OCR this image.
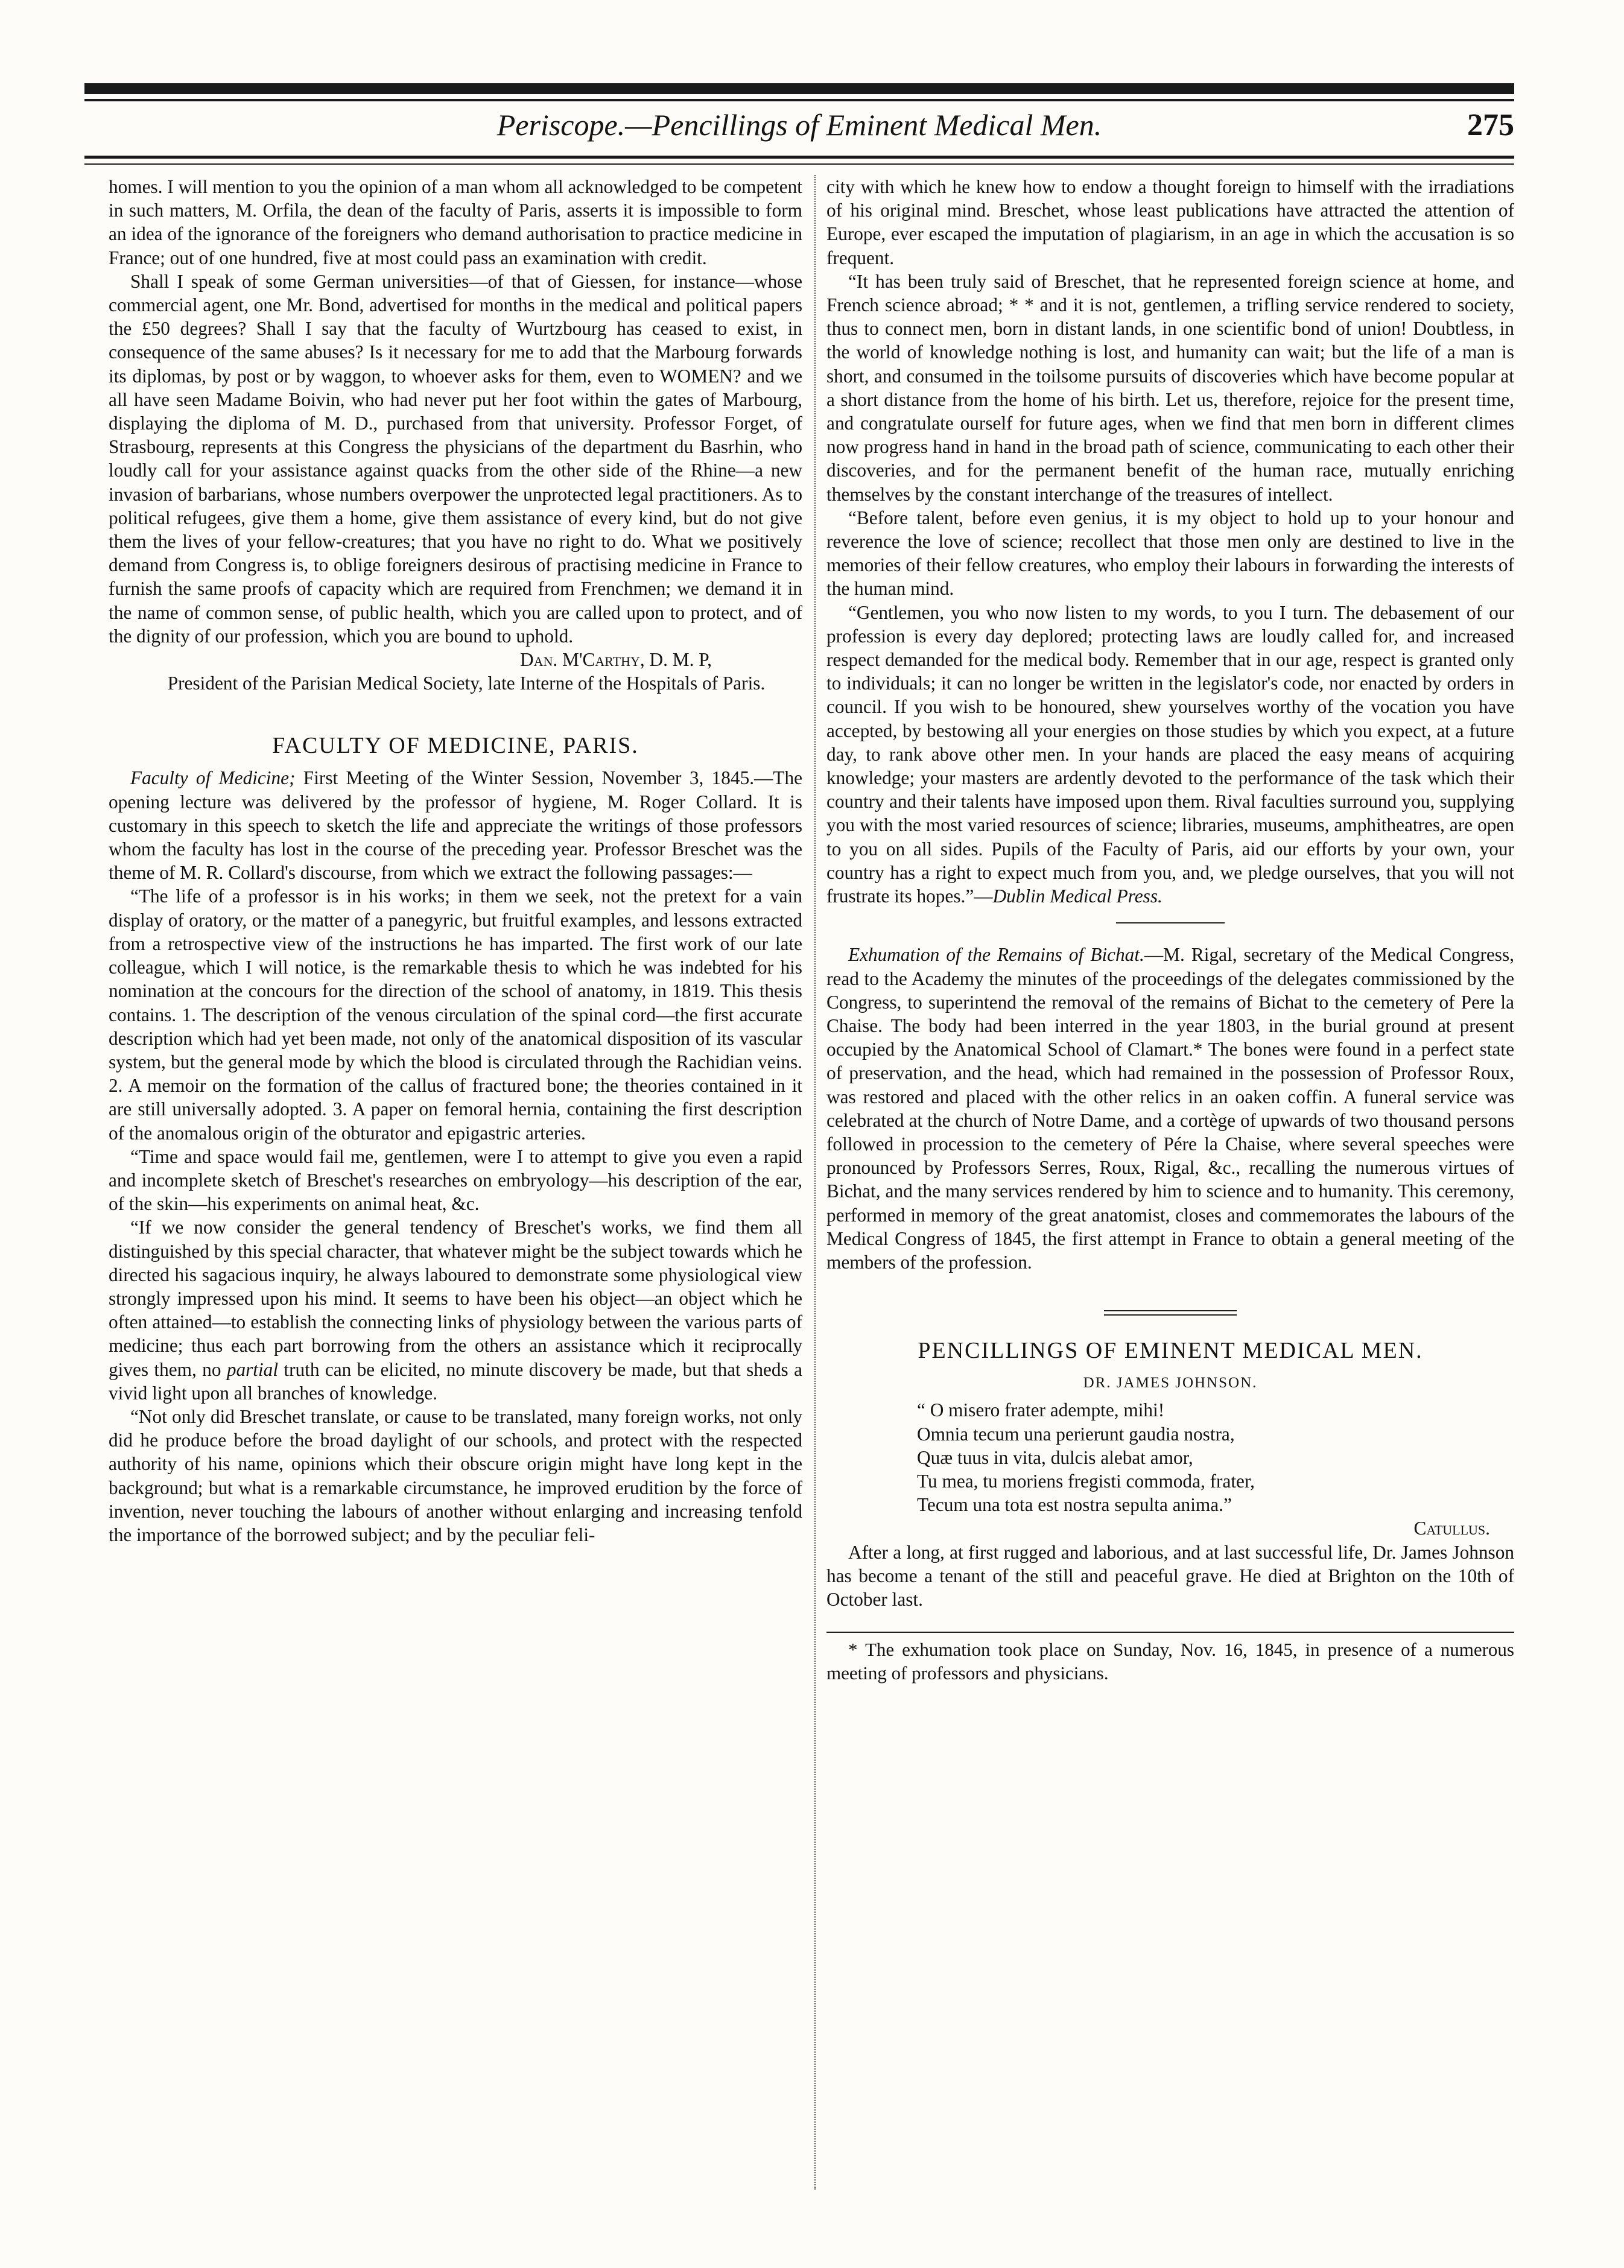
Periscope.—Pencillings of Eminent Medical Men.	275

homes. I will mention to you the opinion of a man whom all acknowledged to be competent in such matters, M. Orfila, the dean of the faculty of Paris, asserts it is impossible to form an idea of the ignorance of the foreigners who demand authorisation to practice medicine in France; out of one hundred, five at most could pass an examination with credit.

Shall I speak of some German universities—of that of Giessen, for instance—whose commercial agent, one Mr. Bond, advertised for months in the medical and political papers the £50 degrees? Shall I say that the faculty of Wurtzbourg has ceased to exist, in consequence of the same abuses? Is it necessary for me to add that the Marbourg forwards its diplomas, by post or by waggon, to whoever asks for them, even to WOMEN? and we all have seen Madame Boivin, who had never put her foot within the gates of Marbourg, displaying the diploma of M. D., purchased from that university. Professor Forget, of Strasbourg, represents at this Congress the physicians of the department du Basrhin, who loudly call for your assistance against quacks from the other side of the Rhine—a new invasion of barbarians, whose numbers overpower the unprotected legal practitioners. As to political refugees, give them a home, give them assistance of every kind, but do not give them the lives of your fellow-creatures; that you have no right to do. What we positively demand from Congress is, to oblige foreigners desirous of practising medicine in France to furnish the same proofs of capacity which are required from Frenchmen; we demand it in the name of common sense, of public health, which you are called upon to protect, and of the dignity of our profession, which you are bound to uphold.

Dan. M'Carthy, D. M. P,

President of the Parisian Medical Society, late Interne of the Hospitals of Paris.

FACULTY OF MEDICINE, PARIS.

Faculty of Medicine; First Meeting of the Winter Session, November 3, 1845.—The opening lecture was delivered by the professor of hygiene, M. Roger Collard. It is customary in this speech to sketch the life and appreciate the writings of those professors whom the faculty has lost in the course of the preceding year. Professor Breschet was the theme of M. R. Collard's discourse, from which we extract the following passages:—

“The life of a professor is in his works; in them we seek, not the pretext for a vain display of oratory, or the matter of a panegyric, but fruitful examples, and lessons extracted from a retrospective view of the instructions he has imparted. The first work of our late colleague, which I will notice, is the remarkable thesis to which he was indebted for his nomination at the concours for the direction of the school of anatomy, in 1819. This thesis contains. 1. The description of the venous circulation of the spinal cord—the first accurate description which had yet been made, not only of the anatomical disposition of its vascular system, but the general mode by which the blood is circulated through the Rachidian veins. 2. A memoir on the formation of the callus of fractured bone; the theories contained in it are still universally adopted. 3. A paper on femoral hernia, containing the first description of the anomalous origin of the obturator and epigastric arteries.

“Time and space would fail me, gentlemen, were I to attempt to give you even a rapid and incomplete sketch of Breschet's researches on embryology—his description of the ear, of the skin—his experiments on animal heat, &c.

“If we now consider the general tendency of Breschet's works, we find them all distinguished by this special character, that whatever might be the subject towards which he directed his sagacious inquiry, he always laboured to demonstrate some physiological view strongly impressed upon his mind. It seems to have been his object—an object which he often attained—to establish the connecting links of physiology between the various parts of medicine; thus each part borrowing from the others an assistance which it reciprocally gives them, no partial truth can be elicited, no minute discovery be made, but that sheds a vivid light upon all branches of knowledge.

“Not only did Breschet translate, or cause to be translated, many foreign works, not only did he produce before the broad daylight of our schools, and protect with the respected authority of his name, opinions which their obscure origin might have long kept in the background; but what is a remarkable circumstance, he improved erudition by the force of invention, never touching the labours of another without enlarging and increasing tenfold the importance of the borrowed subject; and by the peculiar feli-

city with which he knew how to endow a thought foreign to himself with the irradiations of his original mind. Breschet, whose least publications have attracted the attention of Europe, ever escaped the imputation of plagiarism, in an age in which the accusation is so frequent.

“It has been truly said of Breschet, that he represented foreign science at home, and French science abroad; * * and it is not, gentlemen, a trifling service rendered to society, thus to connect men, born in distant lands, in one scientific bond of union! Doubtless, in the world of knowledge nothing is lost, and humanity can wait; but the life of a man is short, and consumed in the toilsome pursuits of discoveries which have become popular at a short distance from the home of his birth. Let us, therefore, rejoice for the present time, and congratulate ourself for future ages, when we find that men born in different climes now progress hand in hand in the broad path of science, communicating to each other their discoveries, and for the permanent benefit of the human race, mutually enriching themselves by the constant interchange of the treasures of intellect.

“Before talent, before even genius, it is my object to hold up to your honour and reverence the love of science; recollect that those men only are destined to live in the memories of their fellow creatures, who employ their labours in forwarding the interests of the human mind.

“Gentlemen, you who now listen to my words, to you I turn. The debasement of our profession is every day deplored; protecting laws are loudly called for, and increased respect demanded for the medical body. Remember that in our age, respect is granted only to individuals; it can no longer be written in the legislator's code, nor enacted by orders in council. If you wish to be honoured, shew yourselves worthy of the vocation you have accepted, by bestowing all your energies on those studies by which you expect, at a future day, to rank above other men. In your hands are placed the easy means of acquiring knowledge; your masters are ardently devoted to the performance of the task which their country and their talents have imposed upon them. Rival faculties surround you, supplying you with the most varied resources of science; libraries, museums, amphitheatres, are open to you on all sides. Pupils of the Faculty of Paris, aid our efforts by your own, your country has a right to expect much from you, and, we pledge ourselves, that you will not frustrate its hopes.”—Dublin Medical Press.

Exhumation of the Remains of Bichat.—M. Rigal, secretary of the Medical Congress, read to the Academy the minutes of the proceedings of the delegates commissioned by the Congress, to superintend the removal of the remains of Bichat to the cemetery of Pere la Chaise. The body had been interred in the year 1803, in the burial ground at present occupied by the Anatomical School of Clamart.* The bones were found in a perfect state of preservation, and the head, which had remained in the possession of Professor Roux, was restored and placed with the other relics in an oaken coffin. A funeral service was celebrated at the church of Notre Dame, and a cortège of upwards of two thousand persons followed in procession to the cemetery of Pére la Chaise, where several speeches were pronounced by Professors Serres, Roux, Rigal, &c., recalling the numerous virtues of Bichat, and the many services rendered by him to science and to humanity. This ceremony, performed in memory of the great anatomist, closes and commemorates the labours of the Medical Congress of 1845, the first attempt in France to obtain a general meeting of the members of the profession.

PENCILLINGS OF EMINENT MEDICAL MEN.
DR. JAMES JOHNSON.

“ O misero frater adempte, mihi!

Omnia tecum una perierunt gaudia nostra,

Quæ tuus in vita, dulcis alebat amor,

Tu mea, tu moriens fregisti commoda, frater,

Tecum una tota est nostra sepulta anima.”

Catullus.

After a long, at first rugged and laborious, and at last successful life, Dr. James Johnson has become a tenant of the still and peaceful grave. He died at Brighton on the 10th of October last.

* The exhumation took place on Sunday, Nov. 16, 1845, in presence of a numerous meeting of professors and physicians.
